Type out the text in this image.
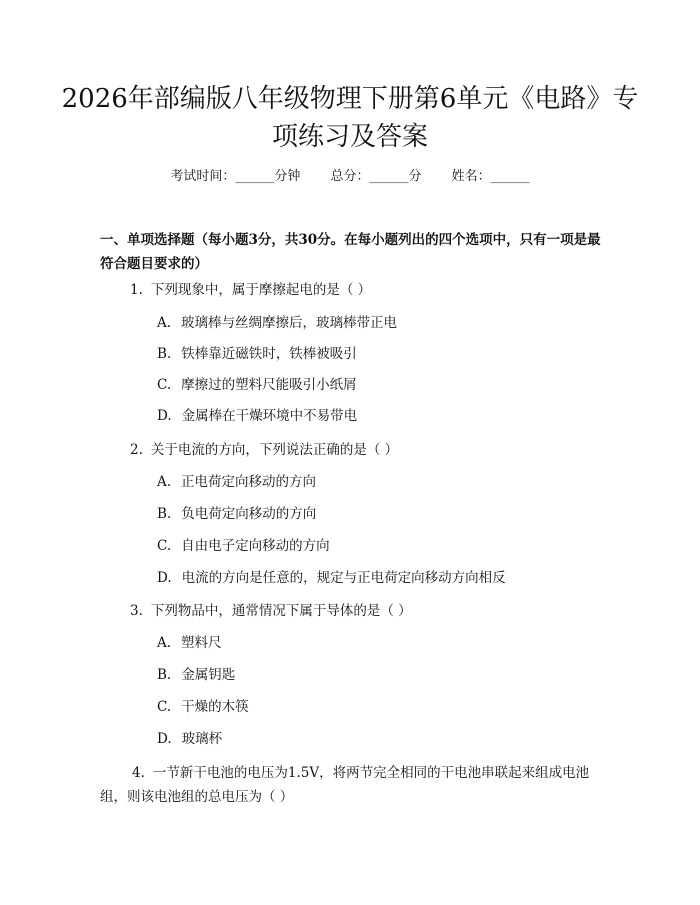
2026年部编版八年级物理下册第6单元《电路》专项练习及答案
考试时间：______分钟 总分：______分 姓名：______
一、单项选择题（每小题3分，共30分。在每小题列出的四个选项中，只有一项是最符合题目要求的）
1. 下列现象中，属于摩擦起电的是（ ）
A. 玻璃棒与丝绸摩擦后，玻璃棒带正电
B. 铁棒靠近磁铁时，铁棒被吸引
C. 摩擦过的塑料尺能吸引小纸屑
D. 金属棒在干燥环境中不易带电
2. 关于电流的方向，下列说法正确的是（ ）
A. 正电荷定向移动的方向
B. 负电荷定向移动的方向
C. 自由电子定向移动的方向
D. 电流的方向是任意的，规定与正电荷定向移动方向相反
3. 下列物品中，通常情况下属于导体的是（ ）
A. 塑料尺
B. 金属钥匙
C. 干燥的木筷
D. 玻璃杯
4. 一节新干电池的电压为1.5V，将两节完全相同的干电池串联起来组成电池组，则该电池组的总电压为（ ）
